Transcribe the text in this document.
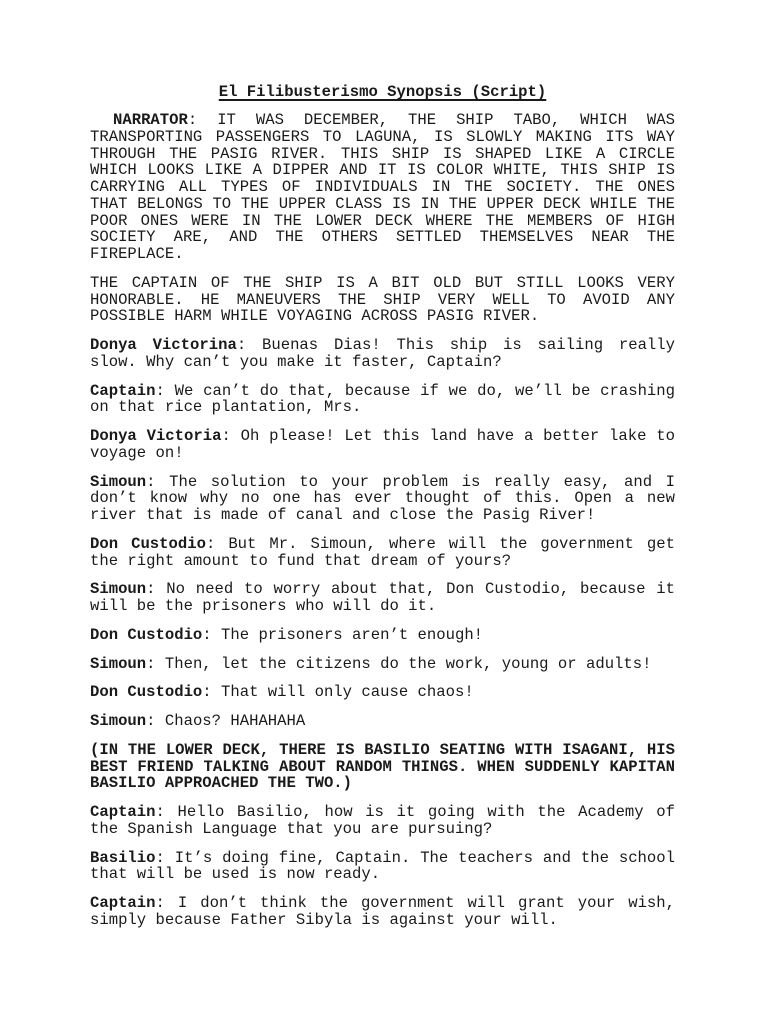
El Filibusterismo Synopsis (Script)

NARRATOR: IT WAS DECEMBER, THE SHIP TABO, WHICH WAS TRANSPORTING PASSENGERS TO LAGUNA, IS SLOWLY MAKING ITS WAY THROUGH THE PASIG RIVER. THIS SHIP IS SHAPED LIKE A CIRCLE WHICH LOOKS LIKE A DIPPER AND IT IS COLOR WHITE, THIS SHIP IS CARRYING ALL TYPES OF INDIVIDUALS IN THE SOCIETY. THE ONES THAT BELONGS TO THE UPPER CLASS IS IN THE UPPER DECK WHILE THE POOR ONES WERE IN THE LOWER DECK WHERE THE MEMBERS OF HIGH SOCIETY ARE, AND THE OTHERS SETTLED THEMSELVES NEAR THE FIREPLACE.

THE CAPTAIN OF THE SHIP IS A BIT OLD BUT STILL LOOKS VERY HONORABLE. HE MANEUVERS THE SHIP VERY WELL TO AVOID ANY POSSIBLE HARM WHILE VOYAGING ACROSS PASIG RIVER.

Donya Victorina: Buenas Dias! This ship is sailing really slow. Why can’t you make it faster, Captain?

Captain: We can’t do that, because if we do, we’ll be crashing on that rice plantation, Mrs.

Donya Victoria: Oh please! Let this land have a better lake to voyage on!

Simoun: The solution to your problem is really easy, and I don’t know why no one has ever thought of this. Open a new river that is made of canal and close the Pasig River!

Don Custodio: But Mr. Simoun, where will the government get the right amount to fund that dream of yours?

Simoun: No need to worry about that, Don Custodio, because it will be the prisoners who will do it.

Don Custodio: The prisoners aren’t enough!

Simoun: Then, let the citizens do the work, young or adults!

Don Custodio: That will only cause chaos!

Simoun: Chaos? HAHAHAHA

(IN THE LOWER DECK, THERE IS BASILIO SEATING WITH ISAGANI, HIS BEST FRIEND TALKING ABOUT RANDOM THINGS. WHEN SUDDENLY KAPITAN BASILIO APPROACHED THE TWO.)

Captain: Hello Basilio, how is it going with the Academy of the Spanish Language that you are pursuing?

Basilio: It’s doing fine, Captain. The teachers and the school that will be used is now ready.

Captain: I don’t think the government will grant your wish, simply because Father Sibyla is against your will.
